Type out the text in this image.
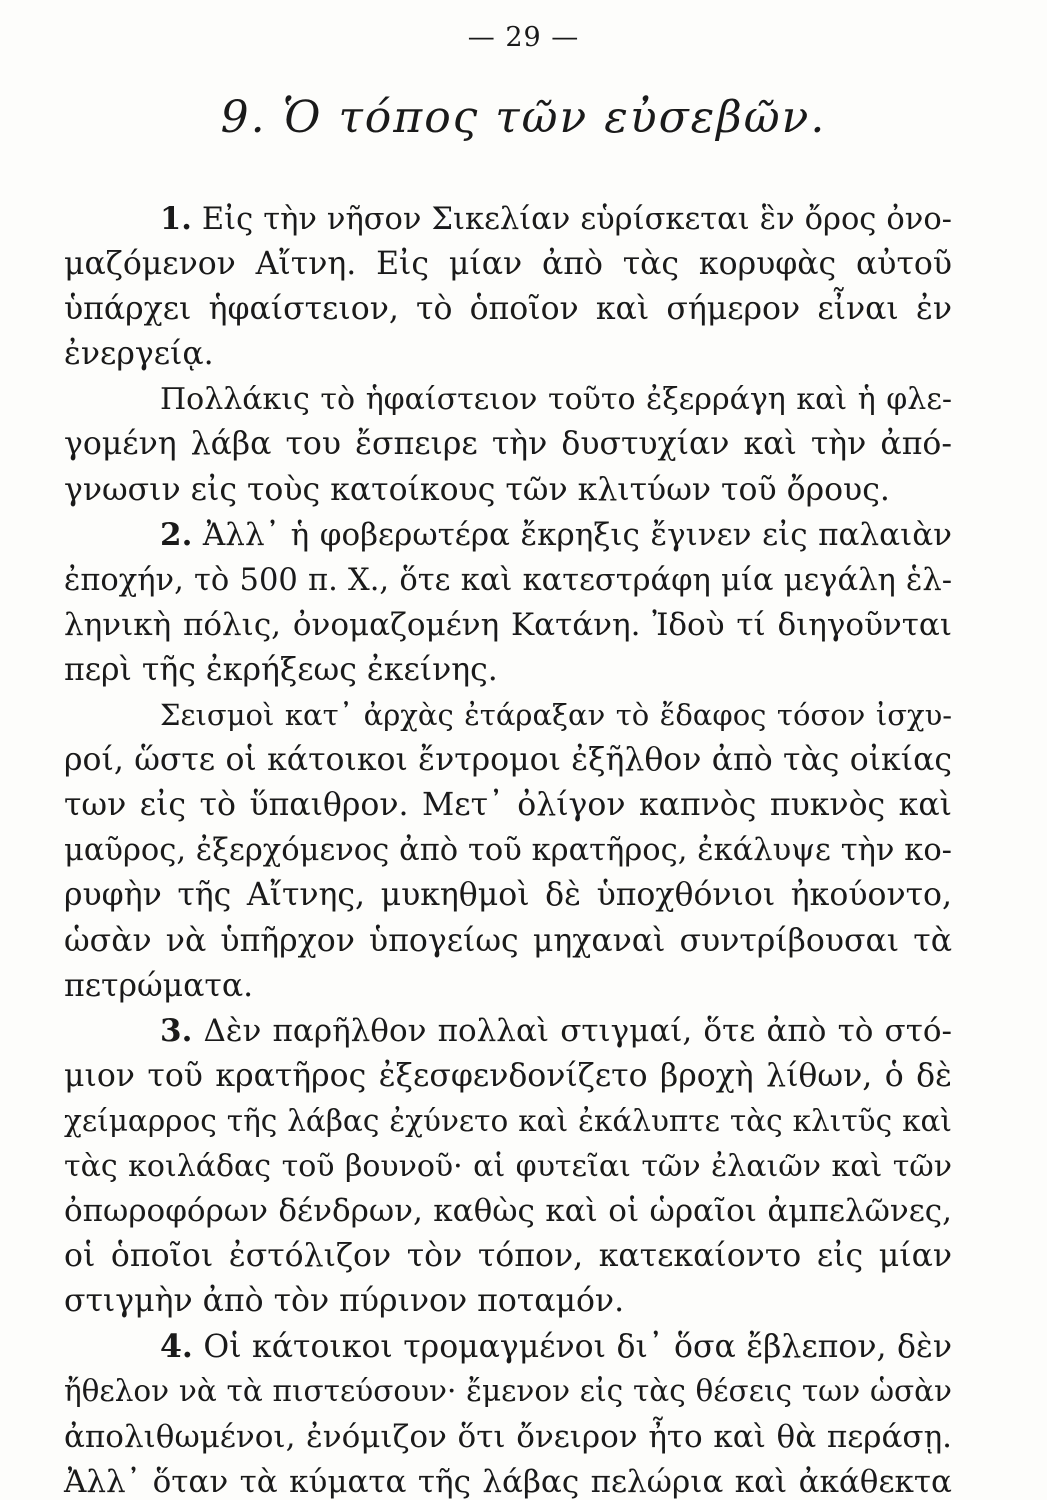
— 29 —
9. Ὁ τόπος τῶν εὐσεβῶν.
1. Εἰς τὴν νῆσον Σικελίαν εὑρίσκεται ἓν ὄρος ὀνο-
μαζόμενον Αἴτνη. Εἰς μίαν ἀπὸ τὰς κορυφὰς αὐτοῦ
ὑπάρχει ἡφαίστειον, τὸ ὁποῖον καὶ σήμερον εἶναι ἐν
ἐνεργείᾳ.
Πολλάκις τὸ ἡφαίστειον τοῦτο ἐξερράγη καὶ ἡ φλε-
γομένη λάβα του ἔσπειρε τὴν δυστυχίαν καὶ τὴν ἀπό-
γνωσιν εἰς τοὺς κατοίκους τῶν κλιτύων τοῦ ὄρους.
2. Ἀλλ᾽ ἡ φοβερωτέρα ἔκρηξις ἔγινεν εἰς παλαιὰν
ἐποχήν, τὸ 500 π. Χ., ὅτε καὶ κατεστράφη μία μεγάλη ἑλ-
ληνικὴ πόλις, ὀνομαζομένη Κατάνη. Ἰδοὺ τί διηγοῦνται
περὶ τῆς ἐκρήξεως ἐκείνης.
Σεισμοὶ κατ᾽ ἀρχὰς ἐτάραξαν τὸ ἔδαφος τόσον ἰσχυ-
ροί, ὥστε οἱ κάτοικοι ἔντρομοι ἐξῆλθον ἀπὸ τὰς οἰκίας
των εἰς τὸ ὕπαιθρον. Μετ᾽ ὀλίγον καπνὸς πυκνὸς καὶ
μαῦρος, ἐξερχόμενος ἀπὸ τοῦ κρατῆρος, ἐκάλυψε τὴν κο-
ρυφὴν τῆς Αἴτνης, μυκηθμοὶ δὲ ὑποχθόνιοι ἠκούοντο,
ὡσὰν νὰ ὑπῆρχον ὑπογείως μηχαναὶ συντρίβουσαι τὰ
πετρώματα.
3. Δὲν παρῆλθον πολλαὶ στιγμαί, ὅτε ἀπὸ τὸ στό-
μιον τοῦ κρατῆρος ἐξεσφενδονίζετο βροχὴ λίθων, ὁ δὲ
χείμαρρος τῆς λάβας ἐχύνετο καὶ ἐκάλυπτε τὰς κλιτῦς καὶ
τὰς κοιλάδας τοῦ βουνοῦ· αἱ φυτεῖαι τῶν ἐλαιῶν καὶ τῶν
ὀπωροφόρων δένδρων, καθὼς καὶ οἱ ὡραῖοι ἀμπελῶνες,
οἱ ὁποῖοι ἐστόλιζον τὸν τόπον, κατεκαίοντο εἰς μίαν
στιγμὴν ἀπὸ τὸν πύρινον ποταμόν.
4. Οἱ κάτοικοι τρομαγμένοι δι᾽ ὅσα ἔβλεπον, δὲν
ἤθελον νὰ τὰ πιστεύσουν· ἔμενον εἰς τὰς θέσεις των ὡσὰν
ἀπολιθωμένοι, ἐνόμιζον ὅτι ὄνειρον ἦτο καὶ θὰ περάσῃ.
Ἀλλ᾽ ὅταν τὰ κύματα τῆς λάβας πελώρια καὶ ἀκάθεκτα
